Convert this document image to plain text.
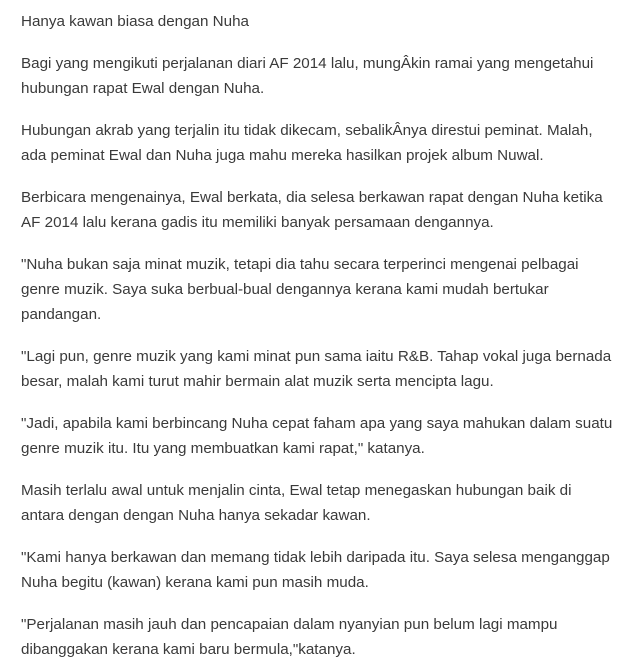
Hanya kawan biasa dengan Nuha

Bagi yang mengikuti perjalanan diari AF 2014 lalu, mungÂkin ramai yang mengetahui
hubungan rapat Ewal dengan Nuha.

Hubungan akrab yang terjalin itu tidak dikecam, sebalikÂnya direstui peminat. Malah,
ada peminat Ewal dan Nuha juga mahu mereka hasilkan projek album Nuwal.

Berbicara mengenainya, Ewal berkata, dia selesa berkawan rapat dengan Nuha ketika
AF 2014 lalu kerana gadis itu memiliki banyak persamaan dengannya.

"Nuha bukan saja minat muzik, tetapi dia tahu secara terperinci mengenai pelbagai
genre muzik. Saya suka berbual-bual dengannya kerana kami mudah bertukar
pandangan.

"Lagi pun, genre muzik yang kami minat pun sama iaitu R&B. Tahap vokal juga bernada
besar, malah kami turut mahir bermain alat muzik serta mencipta lagu.

"Jadi, apabila kami berbincang Nuha cepat faham apa yang saya mahukan dalam suatu
genre muzik itu. Itu yang membuatkan kami rapat," katanya.

Masih terlalu awal untuk menjalin cinta, Ewal tetap menegaskan hubungan baik di
antara dengan dengan Nuha hanya sekadar kawan.

"Kami hanya berkawan dan memang tidak lebih daripada itu. Saya selesa menganggap
Nuha begitu (kawan) kerana kami pun masih muda.

"Perjalanan masih jauh dan pencapaian dalam nyanyian pun belum lagi mampu
dibanggakan kerana kami baru bermula,"katanya.
